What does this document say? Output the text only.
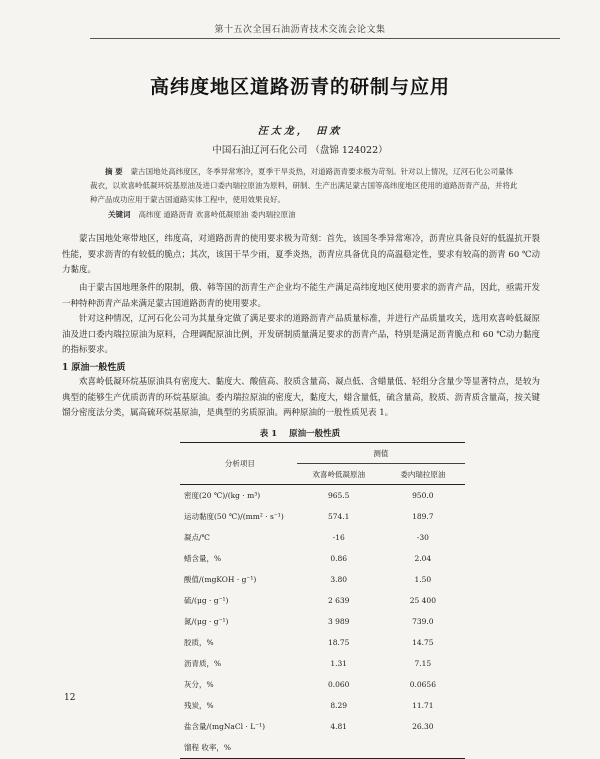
第十五次全国石油沥青技术交流会论文集
高纬度地区道路沥青的研制与应用
汪太龙， 田欢
中国石油辽河石化公司 （盘锦 124022）
摘 要 蒙古国地处高纬度区，冬季异常寒冷，夏季干旱炎热，对道路沥青要求极为苛刻。针对以上情况，辽河石化公司量体裁衣，以欢喜岭低凝环烷基原油及进口委内瑞拉原油为原料，研制、生产出满足蒙古国等高纬度地区使用的道路沥青产品，并将此种产品成功应用于蒙古国道路实体工程中，使用效果良好。
关键词 高纬度 道路沥青 欢喜岭低凝原油 委内瑞拉原油
蒙古国地处寒带地区，纬度高，对道路沥青的使用要求极为苛刻：首先，该国冬季异常寒冷，沥青应具备良好的低温抗开裂性能，要求沥青的有较低的脆点；其次，该国干旱少雨，夏季炎热，沥青应具备优良的高温稳定性，要求有较高的沥青 60 ℃动力黏度。
由于蒙古国地理条件的限制，俄、韩等国的沥青生产企业均不能生产满足高纬度地区使用要求的沥青产品，因此，亟需开发一种特种沥青产品来满足蒙古国道路沥青的使用要求。
针对这种情况，辽河石化公司为其量身定做了满足要求的道路沥青产品质量标准，并进行产品质量攻关，选用欢喜岭低凝原油及进口委内瑞拉原油为原料，合理调配原油比例，开发研制质量满足要求的沥青产品，特别是满足沥青脆点和 60 ℃动力黏度的指标要求。
1 原油一般性质
欢喜岭低凝环烷基原油具有密度大、黏度大、酸值高、胶质含量高、凝点低、含蜡量低、轻组分含量少等显著特点，是较为典型的能够生产优质沥青的环烷基原油。委内瑞拉原油的密度大，黏度大，蜡含量低，硫含量高，胶质、沥青质含量高，按关键馏分密度法分类，属高硫环烷基原油，是典型的劣质原油。两种原油的一般性质见表 1。
表 1 原油一般性质
分析项目	测值	
	欢喜岭低凝原油	委内瑞拉原油
密度(20 ℃)/(kg · m³)	965.5	950.0
运动黏度(50 ℃)/(mm² · s⁻¹)	574.1	189.7
凝点/℃	-16	-30
蜡含量，%	0.86	2.04
酸值/(mgKOH · g⁻¹)	3.80	1.50
硫/(μg · g⁻¹)	2 639	25 400
氮/(μg · g⁻¹)	3 989	739.0
胶质，%	18.75	14.75
沥青质，%	1.31	7.15
灰分，%	0.060	0.0656
残炭，%	8.29	11.71
盐含量/(mgNaCl · L⁻¹)	4.81	26.30
馏程 收率，%		
12
